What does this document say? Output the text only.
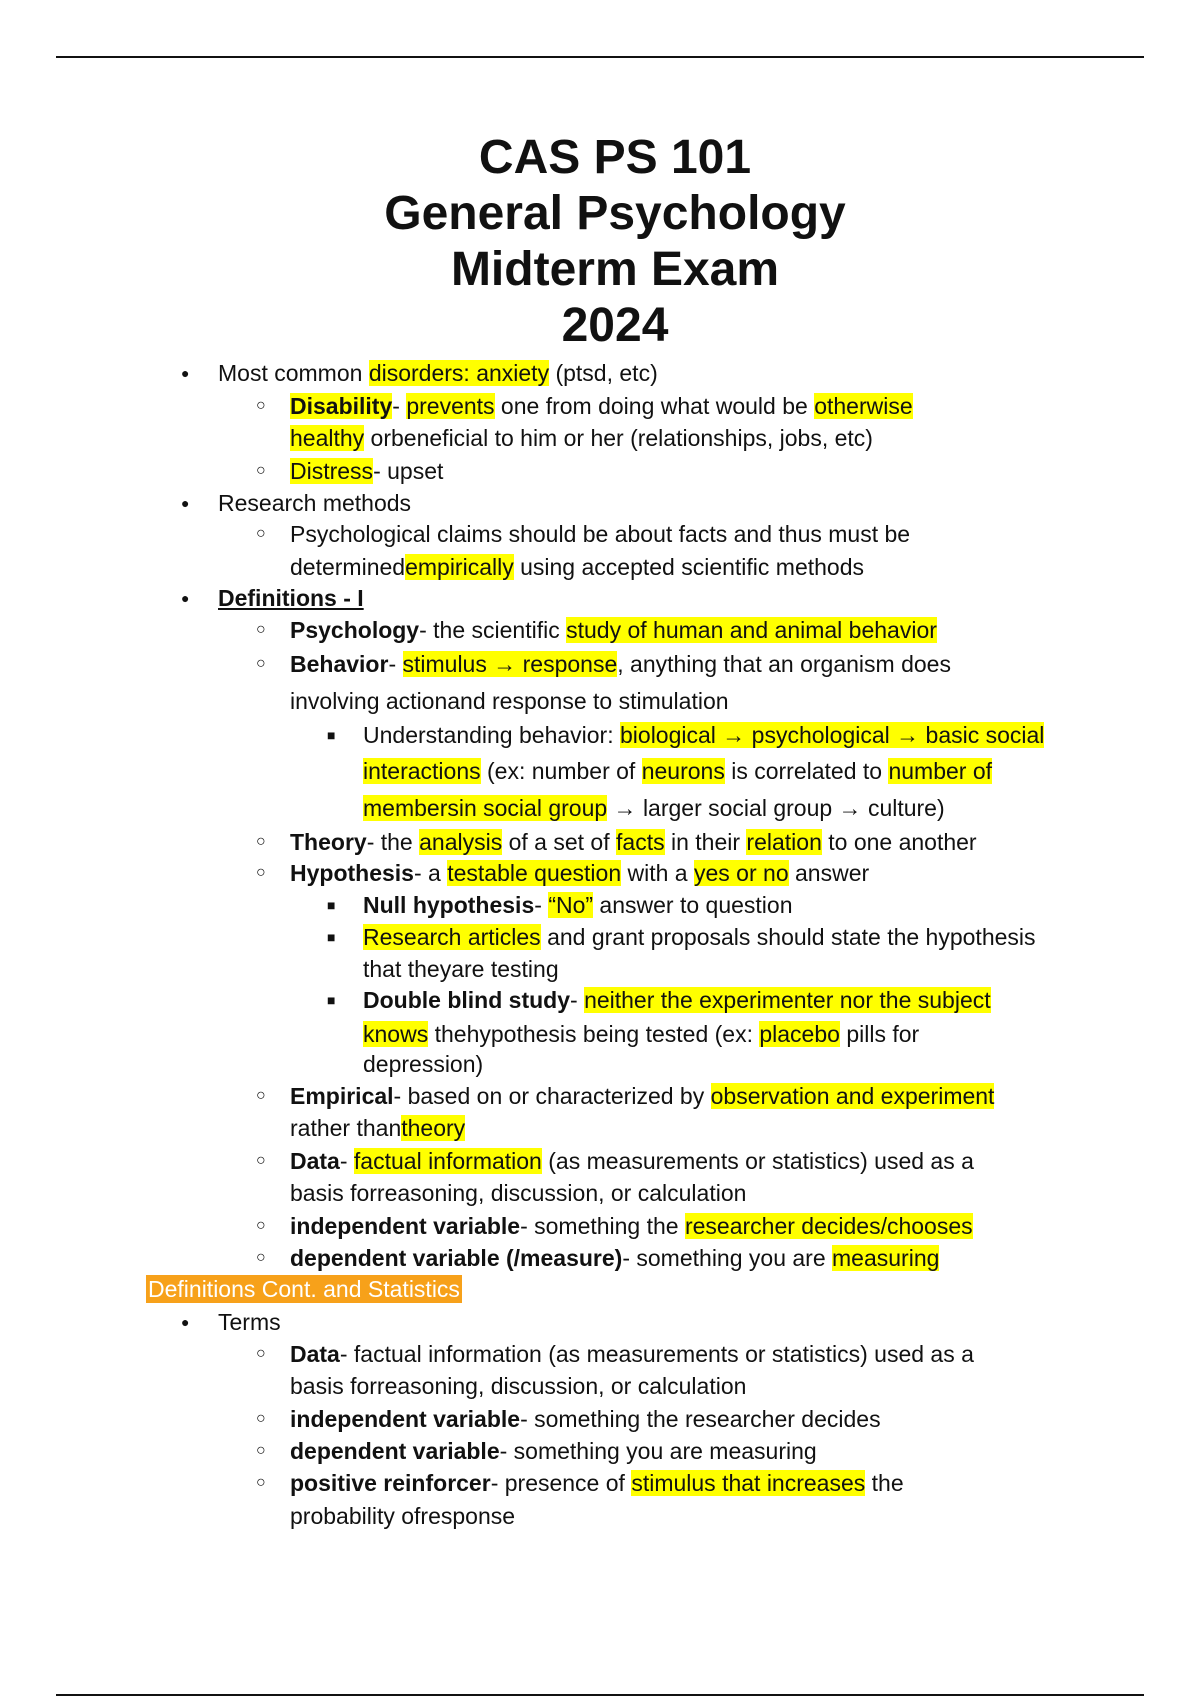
CAS PS 101
General Psychology
Midterm Exam
2024
● Most common disorders: anxiety (ptsd, etc)
○ Disability- prevents one from doing what would be otherwise
healthy orbeneficial to him or her (relationships, jobs, etc)
○ Distress- upset
● Research methods
○ Psychological claims should be about facts and thus must be
determinedempirically using accepted scientific methods
● Definitions - I
○ Psychology- the scientific study of human and animal behavior
○ Behavior- stimulus → response, anything that an organism does
involving actionand response to stimulation
■ Understanding behavior: biological → psychological → basic social
interactions (ex: number of neurons is correlated to number of
membersin social group → larger social group → culture)
○ Theory- the analysis of a set of facts in their relation to one another
○ Hypothesis- a testable question with a yes or no answer
■ Null hypothesis- “No” answer to question
■ Research articles and grant proposals should state the hypothesis
that theyare testing
■ Double blind study- neither the experimenter nor the subject
knows thehypothesis being tested (ex: placebo pills for
depression)
○ Empirical- based on or characterized by observation and experiment
rather thantheory
○ Data- factual information (as measurements or statistics) used as a
basis forreasoning, discussion, or calculation
○ independent variable- something the researcher decides/chooses
○ dependent variable (/measure)- something you are measuring
Definitions Cont. and Statistics
● Terms
○ Data- factual information (as measurements or statistics) used as a
basis forreasoning, discussion, or calculation
○ independent variable- something the researcher decides
○ dependent variable- something you are measuring
○ positive reinforcer- presence of stimulus that increases the
probability ofresponse
